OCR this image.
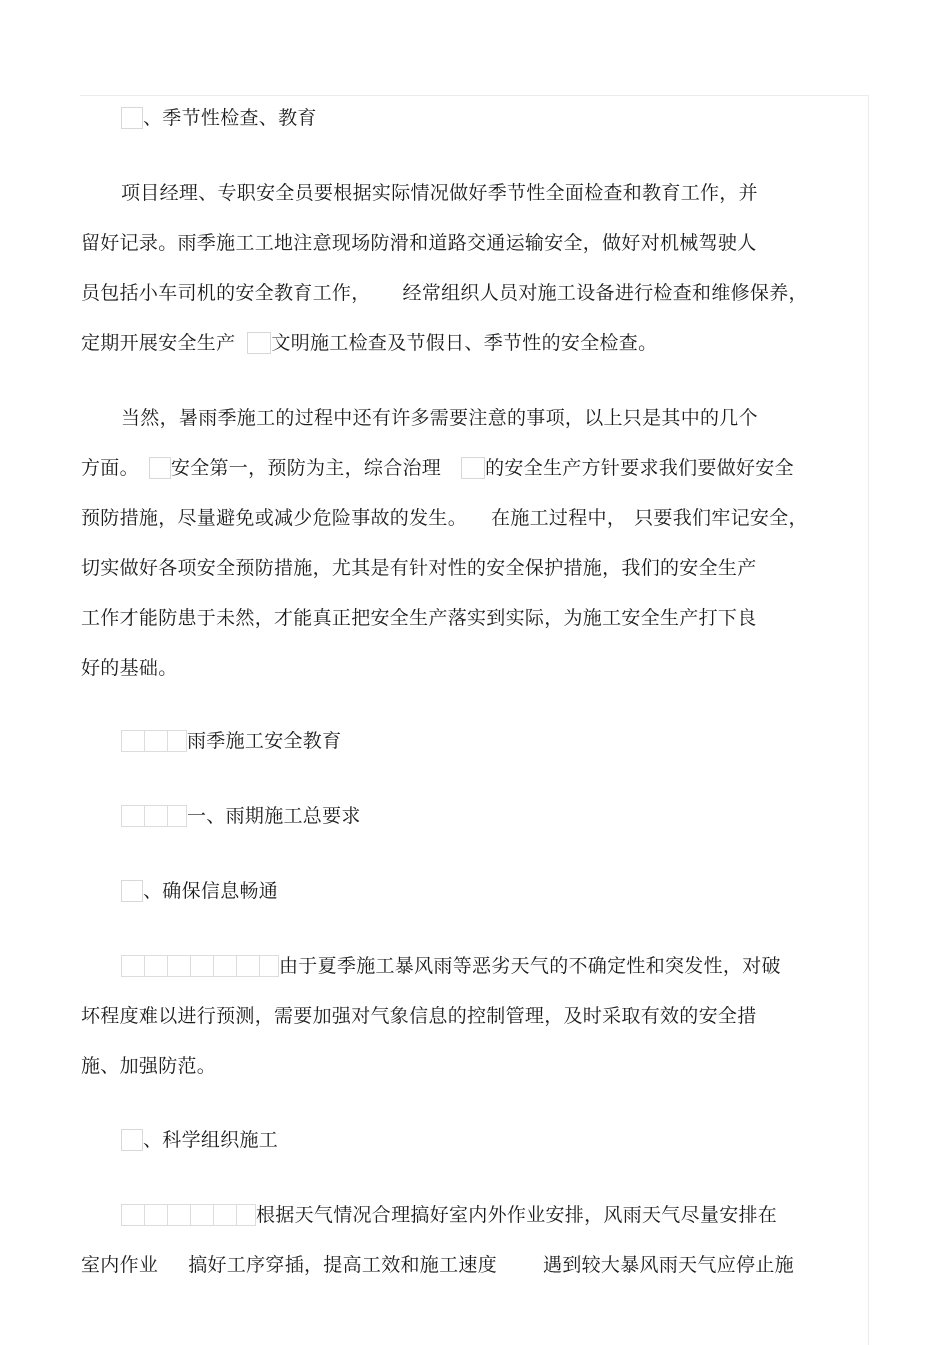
、季节性检查、教育
项目经理、专职安全员要根据实际情况做好季节性全面检查和教育工作，并
留好记录。雨季施工工地注意现场防滑和道路交通运输安全，做好对机械驾驶人
员包括小车司机的安全教育工作， 经常组织人员对施工设备进行检查和维修保养，
定期开展安全生产 文明施工检查及节假日、季节性的安全检查。
当然，暑雨季施工的过程中还有许多需要注意的事项，以上只是其中的几个
方面。 安全第一，预防为主，综合治理 的安全生产方针要求我们要做好安全
预防措施，尽量避免或减少危险事故的发生。 在施工过程中， 只要我们牢记安全，
切实做好各项安全预防措施，尤其是有针对性的安全保护措施，我们的安全生产
工作才能防患于未然，才能真正把安全生产落实到实际，为施工安全生产打下良
好的基础。
雨季施工安全教育
一、雨期施工总要求
、确保信息畅通
由于夏季施工暴风雨等恶劣天气的不确定性和突发性，对破
坏程度难以进行预测，需要加强对气象信息的控制管理，及时采取有效的安全措
施、加强防范。
、科学组织施工
根据天气情况合理搞好室内外作业安排，风雨天气尽量安排在
室内作业 搞好工序穿插，提高工效和施工速度 遇到较大暴风雨天气应停止施
